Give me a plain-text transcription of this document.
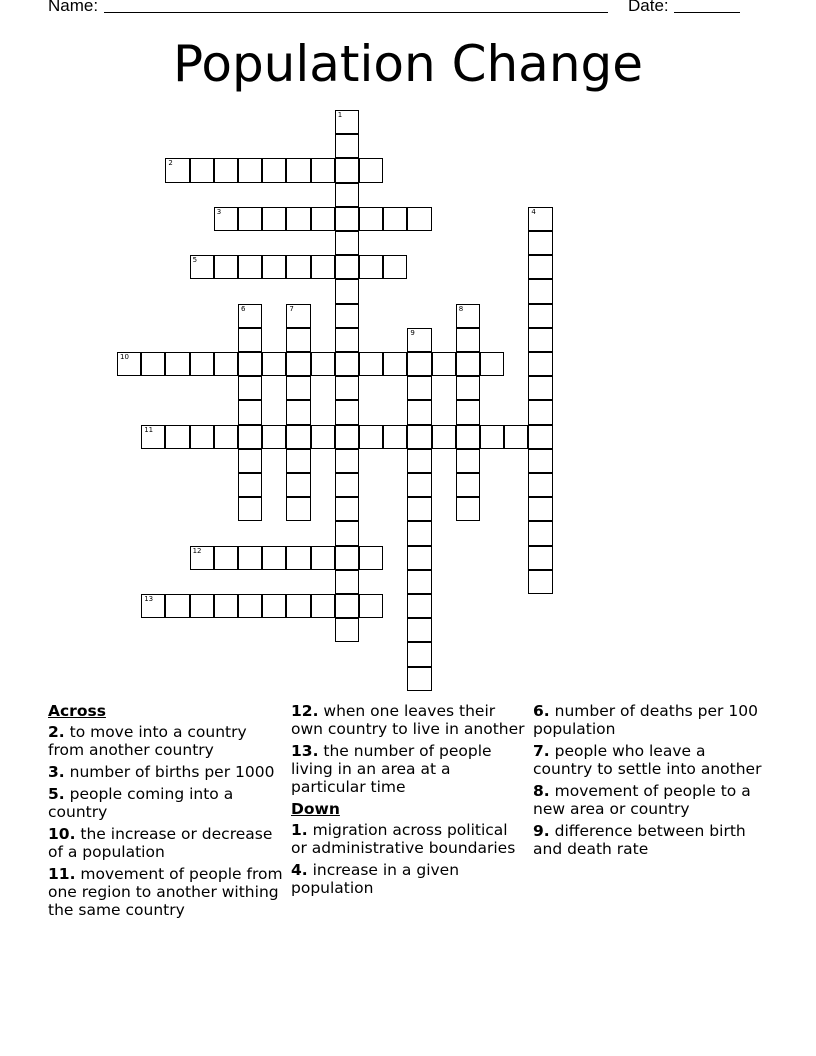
Name:	Date:
Population Change
1
2
3	4
5
6	7	8
9
10
11
12
13
Across
2. to move into a country from another country
3. number of births per 1000
5. people coming into a country
10. the increase or decrease of a population
11. movement of people from one region to another withing the same country
12. when one leaves their own country to live in another
13. the number of people living in an area at a particular time
Down
1. migration across political or administrative boundaries
4. increase in a given population
6. number of deaths per 100 population
7. people who leave a country to settle into another
8. movement of people to a new area or country
9. difference between birth and death rate
